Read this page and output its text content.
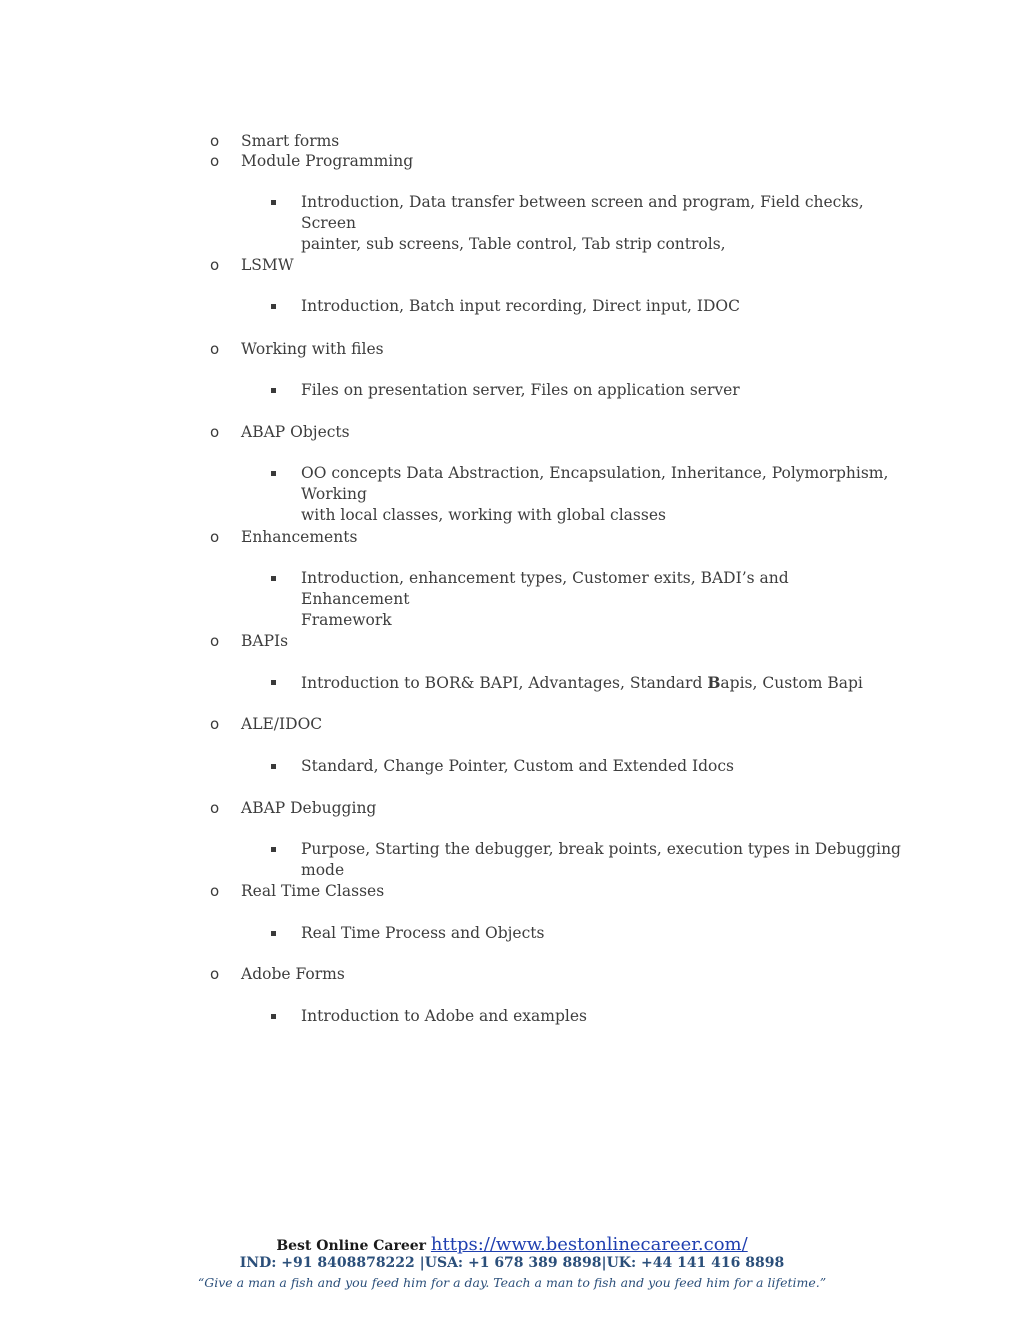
o Smart forms
o Module Programming
Introduction, Data transfer between screen and program, Field checks, Screen
painter, sub screens, Table control, Tab strip controls,
o LSMW
Introduction, Batch input recording, Direct input, IDOC
o Working with files
Files on presentation server, Files on application server
o ABAP Objects
OO concepts Data Abstraction, Encapsulation, Inheritance, Polymorphism, Working
with local classes, working with global classes
o Enhancements
Introduction, enhancement types, Customer exits, BADI’s and Enhancement
Framework
o BAPIs
Introduction to BOR& BAPI, Advantages, Standard Bapis, Custom Bapi
o ALE/IDOC
Standard, Change Pointer, Custom and Extended Idocs
o ABAP Debugging
Purpose, Starting the debugger, break points, execution types in Debugging mode
o Real Time Classes
Real Time Process and Objects
o Adobe Forms
Introduction to Adobe and examples
Best Online Career https://www.bestonlinecareer.com/
IND: +91 8408878222 |USA: +1 678 389 8898|UK: +44 141 416 8898
“Give a man a fish and you feed him for a day. Teach a man to fish and you feed him for a lifetime.”
